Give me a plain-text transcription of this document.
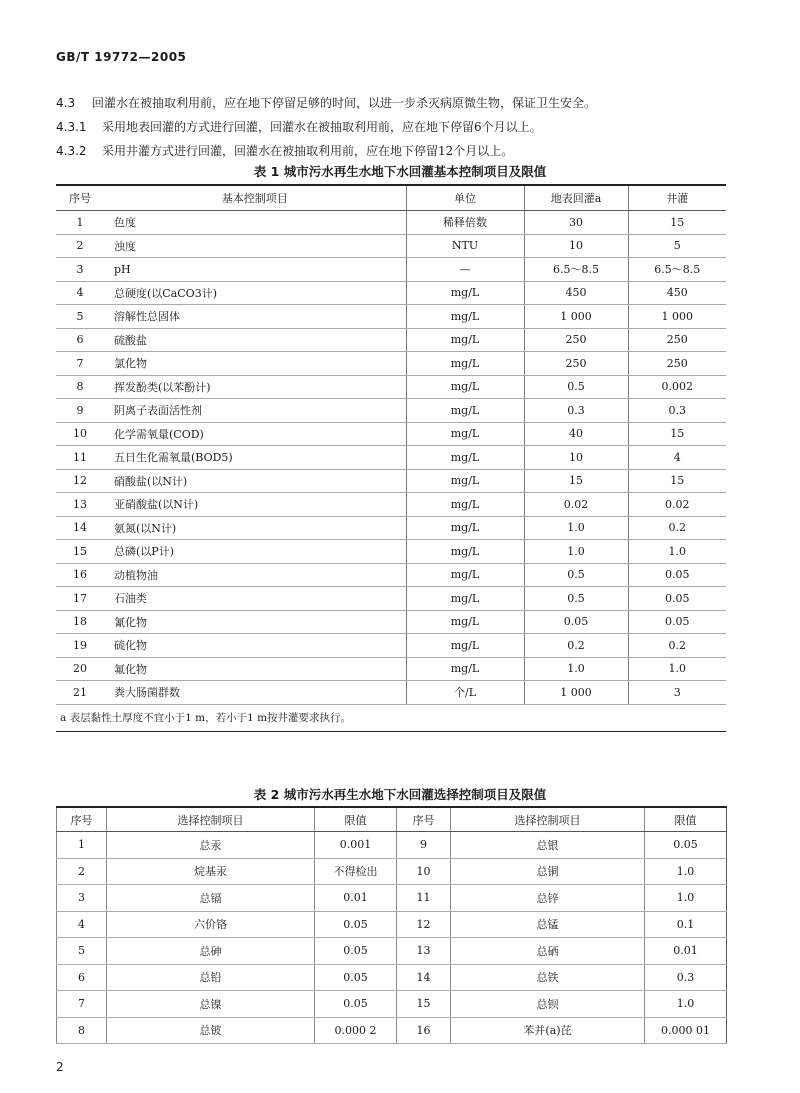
GB/T 19772—2005
4.3 回灌水在被抽取利用前，应在地下停留足够的时间，以进一步杀灭病原微生物，保证卫生安全。
4.3.1 采用地表回灌的方式进行回灌，回灌水在被抽取利用前，应在地下停留6个月以上。
4.3.2 采用井灌方式进行回灌，回灌水在被抽取利用前，应在地下停留12个月以上。
表 1 城市污水再生水地下水回灌基本控制项目及限值
序号	基本控制项目	单位	地表回灌a	井灌
1	色度	稀释倍数	30	15
2	浊度	NTU	10	5
3	pH	—	6.5～8.5	6.5～8.5
4	总硬度(以CaCO3计)	mg/L	450	450
5	溶解性总固体	mg/L	1 000	1 000
6	硫酸盐	mg/L	250	250
7	氯化物	mg/L	250	250
8	挥发酚类(以苯酚计)	mg/L	0.5	0.002
9	阴离子表面活性剂	mg/L	0.3	0.3
10	化学需氧量(COD)	mg/L	40	15
11	五日生化需氧量(BOD5)	mg/L	10	4
12	硝酸盐(以N计)	mg/L	15	15
13	亚硝酸盐(以N计)	mg/L	0.02	0.02
14	氨氮(以N计)	mg/L	1.0	0.2
15	总磷(以P计)	mg/L	1.0	1.0
16	动植物油	mg/L	0.5	0.05
17	石油类	mg/L	0.5	0.05
18	氰化物	mg/L	0.05	0.05
19	硫化物	mg/L	0.2	0.2
20	氟化物	mg/L	1.0	1.0
21	粪大肠菌群数	个/L	1 000	3
a 表层黏性土厚度不宜小于1 m，若小于1 m按井灌要求执行。				
表 2 城市污水再生水地下水回灌选择控制项目及限值
序号	选择控制项目	限值	序号	选择控制项目	限值
1	总汞	0.001	9	总银	0.05
2	烷基汞	不得检出	10	总铜	1.0
3	总镉	0.01	11	总锌	1.0
4	六价铬	0.05	12	总锰	0.1
5	总砷	0.05	13	总硒	0.01
6	总铅	0.05	14	总铁	0.3
7	总镍	0.05	15	总钡	1.0
8	总铍	0.000 2	16	苯并(a)芘	0.000 01
2
